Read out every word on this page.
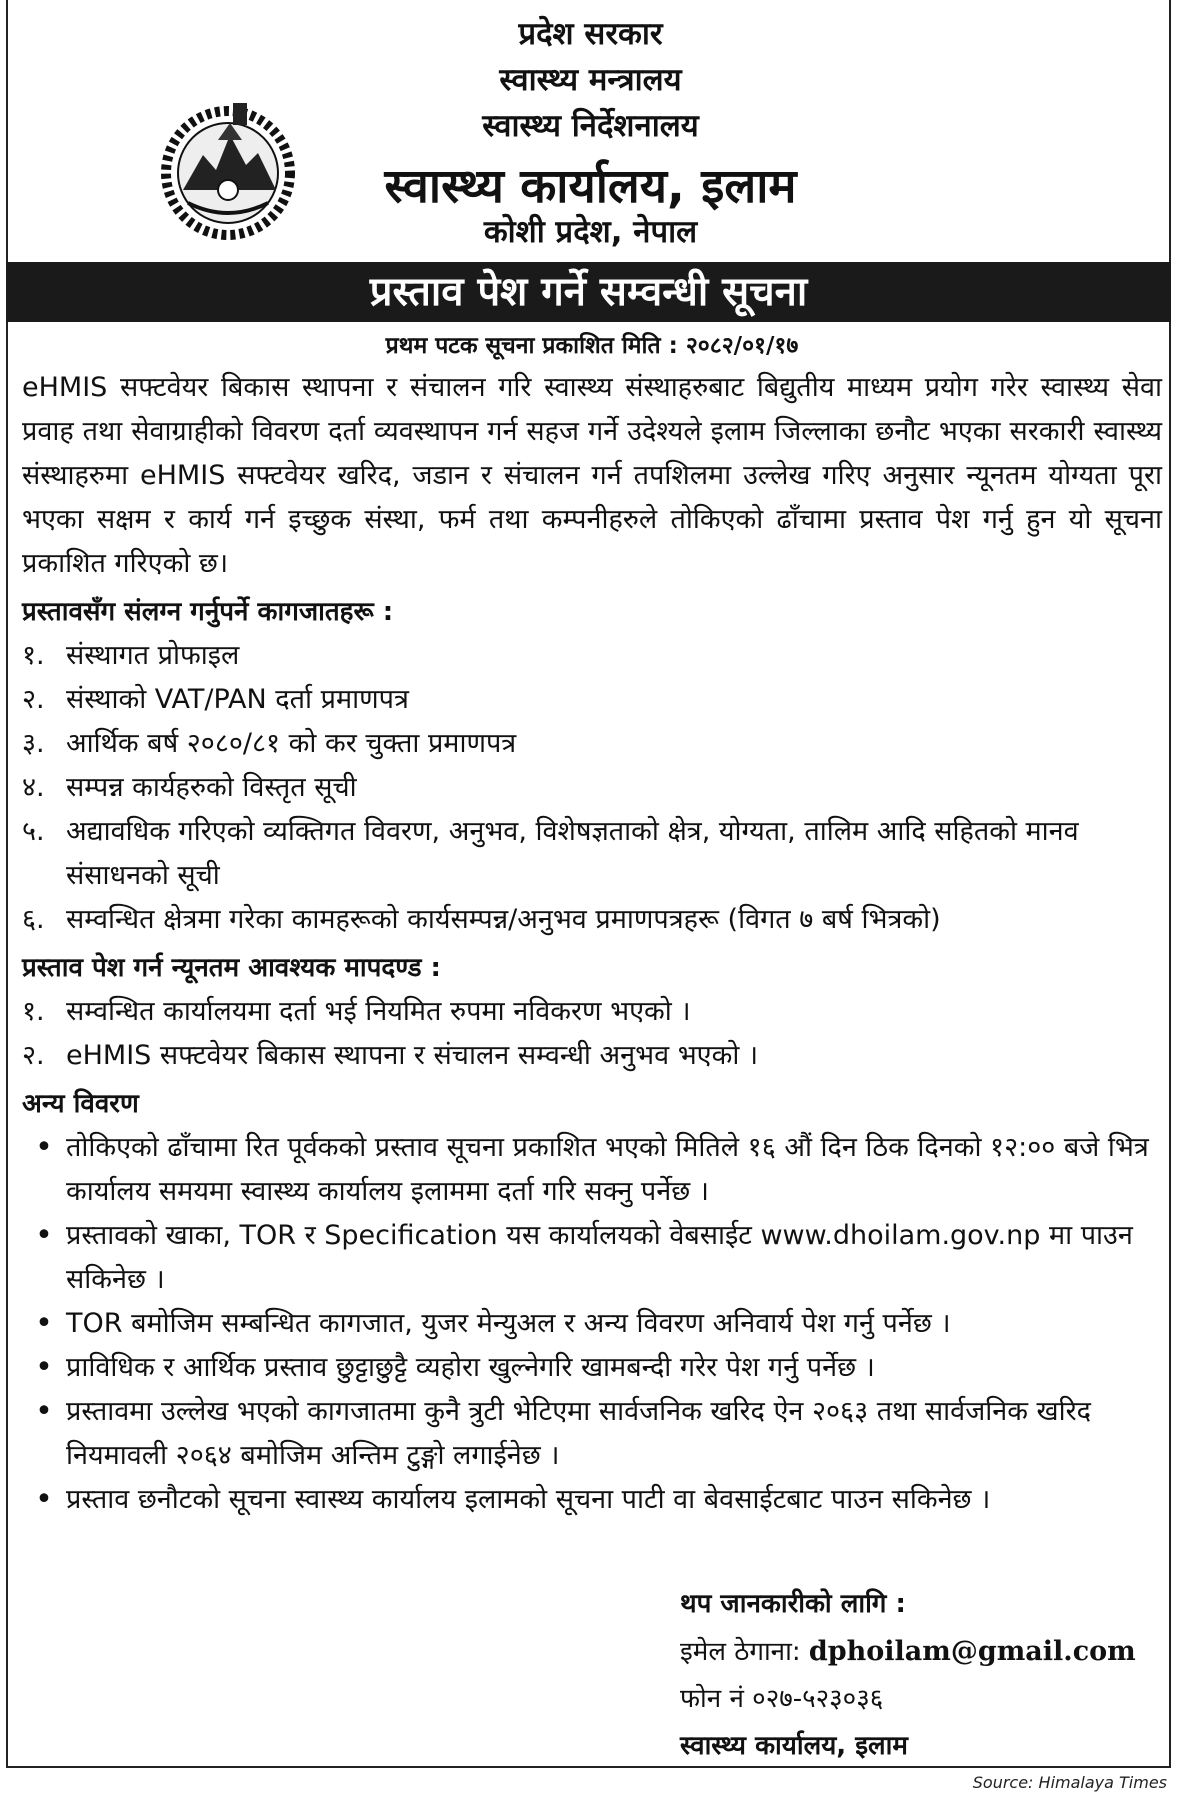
प्रदेश सरकार
स्वास्थ्य मन्त्रालय
स्वास्थ्य निर्देशनालय
स्वास्थ्य कार्यालय, इलाम
कोशी प्रदेश, नेपाल
प्रस्ताव पेश गर्ने सम्वन्धी सूचना

प्रथम पटक सूचना प्रकाशित मिति : २०८२/०१/१७

eHMIS सफ्टवेयर बिकास स्थापना र संचालन गरि स्वास्थ्य संस्थाहरुबाट बिद्युतीय माध्यम प्रयोग गरेर स्वास्थ्य सेवा प्रवाह तथा सेवाग्राहीको विवरण दर्ता व्यवस्थापन गर्न सहज गर्ने उदेश्यले इलाम जिल्लाका छनौट भएका सरकारी स्वास्थ्य संस्थाहरुमा eHMIS सफ्टवेयर खरिद, जडान र संचालन गर्न तपशिलमा उल्लेख गरिए अनुसार न्यूनतम योग्यता पूरा भएका सक्षम र कार्य गर्न इच्छुक संस्था, फर्म तथा कम्पनीहरुले तोकिएको ढाँचामा प्रस्ताव पेश गर्नु हुन यो सूचना प्रकाशित गरिएको छ।

प्रस्तावसँग संलग्न गर्नुपर्ने कागजातहरू :
१. संस्थागत प्रोफाइल
२. संस्थाको VAT/PAN दर्ता प्रमाणपत्र
३. आर्थिक बर्ष २०८०/८१ को कर चुक्ता प्रमाणपत्र
४. सम्पन्न कार्यहरुको विस्तृत सूची
५. अद्यावधिक गरिएको व्यक्तिगत विवरण, अनुभव, विशेषज्ञताको क्षेत्र, योग्यता, तालिम आदि सहितको मानव संसाधनको सूची
६. सम्वन्धित क्षेत्रमा गरेका कामहरूको कार्यसम्पन्न/अनुभव प्रमाणपत्रहरू (विगत ७ बर्ष भित्रको)
प्रस्ताव पेश गर्न न्यूनतम आवश्यक मापदण्ड :
१. सम्वन्धित कार्यालयमा दर्ता भई नियमित रुपमा नविकरण भएको ।
२. eHMIS सफ्टवेयर बिकास स्थापना र संचालन सम्वन्धी अनुभव भएको ।
अन्य विवरण
• तोकिएको ढाँचामा रित पूर्वकको प्रस्ताव सूचना प्रकाशित भएको मितिले १६ औं दिन ठिक दिनको १२:०० बजे भित्र कार्यालय समयमा स्वास्थ्य कार्यालय इलाममा दर्ता गरि सक्नु पर्नेछ ।
• प्रस्तावको खाका, TOR र Specification यस कार्यालयको वेबसाईट www.dhoilam.gov.np मा पाउन सकिनेछ ।
• TOR बमोजिम सम्बन्धित कागजात, युजर मेन्युअल र अन्य विवरण अनिवार्य पेश गर्नु पर्नेछ ।
• प्राविधिक र आर्थिक प्रस्ताव छुट्टाछुट्टै व्यहोरा खुल्नेगरि खामबन्दी गरेर पेश गर्नु पर्नेछ ।
• प्रस्तावमा उल्लेख भएको कागजातमा कुनै त्रुटी भेटिएमा सार्वजनिक खरिद ऐन २०६३ तथा सार्वजनिक खरिद नियमावली २०६४ बमोजिम अन्तिम टुङ्गो लगाईनेछ ।
• प्रस्ताव छनौटको सूचना स्वास्थ्य कार्यालय इलामको सूचना पाटी वा बेवसाईटबाट पाउन सकिनेछ ।
थप जानकारीको लागि :
इमेल ठेगाना: dphoilam@gmail.com
फोन नं ०२७-५२३०३६
स्वास्थ्य कार्यालय, इलाम
Source: Himalaya Times
